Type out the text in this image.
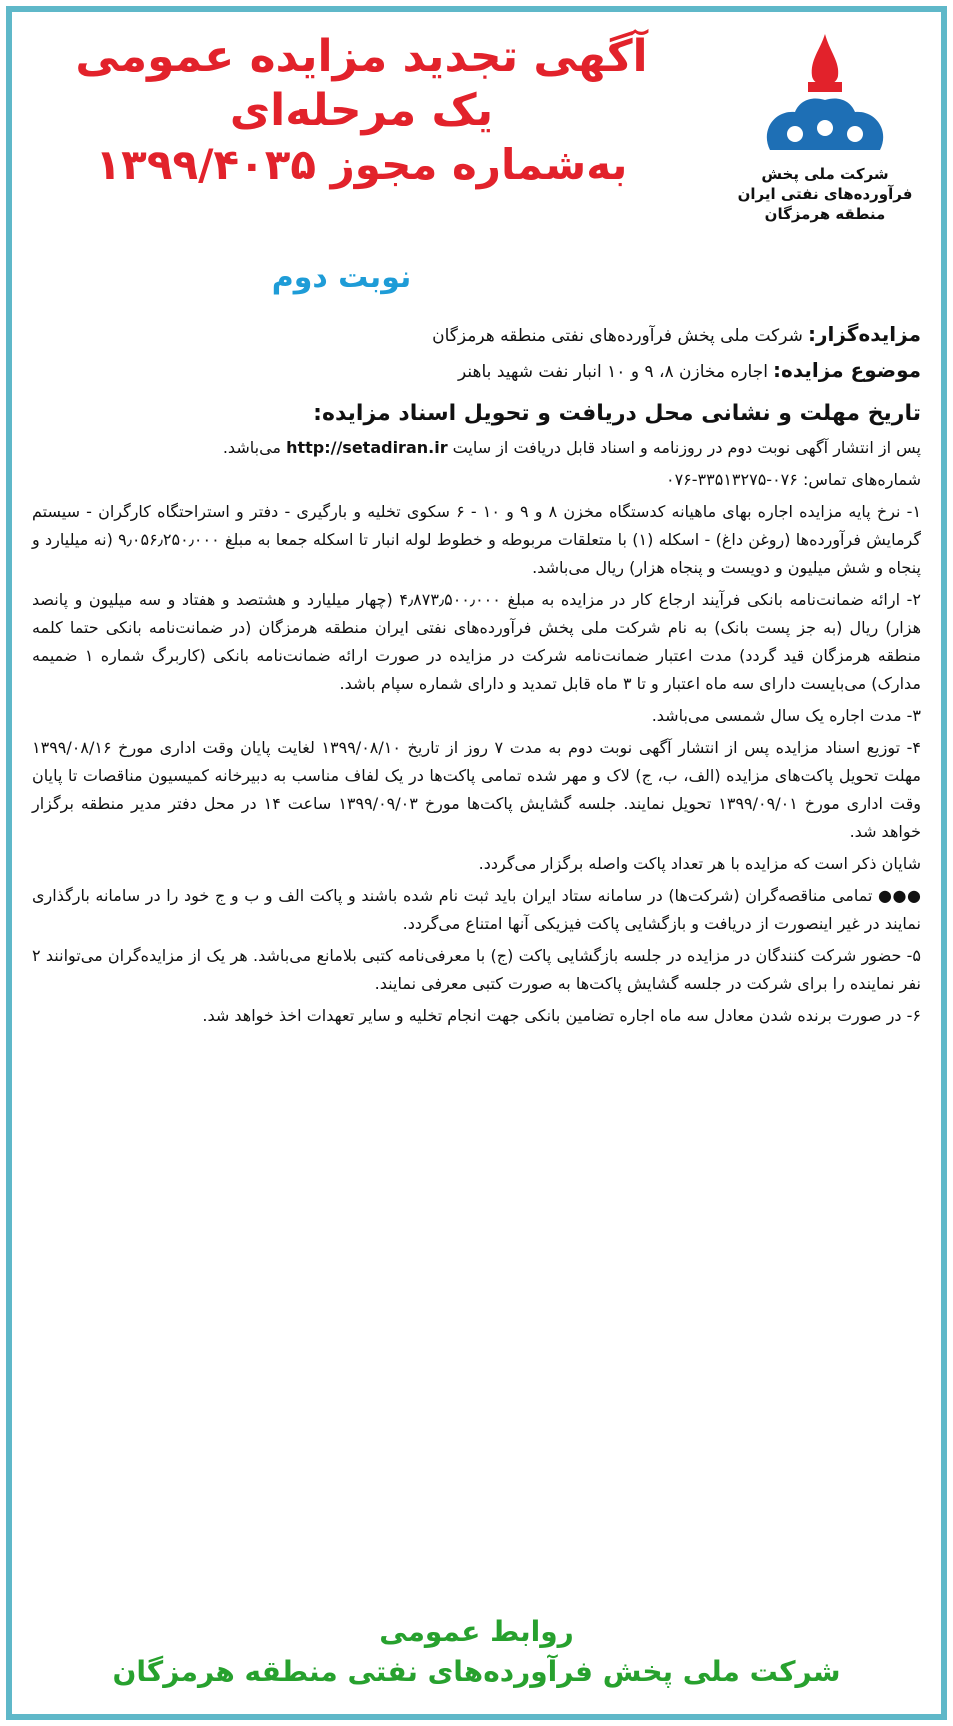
شرکت ملی پخش
فرآورده‌های نفتی ایران
منطقه هرمزگان
آگهی تجدید مزایده عمومی
یک مرحله‌ای
به‌شماره مجوز ۱۳۹۹/۴۰۳۵
نوبت دوم
مزایده‌گزار: شرکت ملی پخش فرآورده‌های نفتی منطقه هرمزگان
موضوع مزایده: اجاره مخازن ۸، ۹ و ۱۰ انبار نفت شهید باهنر
تاریخ مهلت و نشانی محل دریافت و تحویل اسناد مزایده:
پس از انتشار آگهی نوبت دوم در روزنامه و اسناد قابل دریافت از سایت http://setadiran.ir می‌باشد.
شماره‌های تماس: ۰۷۶-۳۳۵۱۳۲۷۵-۰۷۶
۱- نرخ پایه مزایده اجاره بهای ماهیانه کدستگاه مخزن ۸ و ۹ و ۱۰ - ۶ سکوی تخلیه و بارگیری - دفتر و استراحتگاه کارگران - سیستم گرمایش فرآورده‌ها (روغن داغ) - اسکله (۱) با متعلقات مربوطه و خطوط لوله انبار تا اسکله جمعا به مبلغ ۹٫۰۵۶٫۲۵۰٫۰۰۰ (نه میلیارد و پنجاه و شش میلیون و دویست و پنجاه هزار) ریال می‌باشد.
۲- ارائه ضمانت‌نامه بانکی فرآیند ارجاع کار در مزایده به مبلغ ۴٫۸۷۳٫۵۰۰٫۰۰۰ (چهار میلیارد و هشتصد و هفتاد و سه میلیون و پانصد هزار) ریال (به جز پست بانک) به نام شرکت ملی پخش فرآورده‌های نفتی ایران منطقه هرمزگان (در ضمانت‌نامه بانکی حتما کلمه منطقه هرمزگان قید گردد) مدت اعتبار ضمانت‌نامه شرکت در مزایده در صورت ارائه ضمانت‌نامه بانکی (کاربرگ شماره ۱ ضمیمه مدارک) می‌بایست دارای سه ماه اعتبار و تا ۳ ماه قابل تمدید و دارای شماره سپام باشد.
۳- مدت اجاره یک سال شمسی می‌باشد.
۴- توزیع اسناد مزایده پس از انتشار آگهی نوبت دوم به مدت ۷ روز از تاریخ ۱۳۹۹/۰۸/۱۰ لغایت پایان وقت اداری مورخ ۱۳۹۹/۰۸/۱۶ مهلت تحویل پاکت‌های مزایده (الف، ب، ج) لاک و مهر شده تمامی پاکت‌ها در یک لفاف مناسب به دبیرخانه کمیسیون مناقصات تا پایان وقت اداری مورخ ۱۳۹۹/۰۹/۰۱ تحویل نمایند. جلسه گشایش پاکت‌ها مورخ ۱۳۹۹/۰۹/۰۳ ساعت ۱۴ در محل دفتر مدیر منطقه برگزار خواهد شد.
شایان ذکر است که مزایده با هر تعداد پاکت واصله برگزار می‌گردد.
●●● تمامی مناقصه‌گران (شرکت‌ها) در سامانه ستاد ایران باید ثبت نام شده باشند و پاکت الف و ب و ج خود را در سامانه بارگذاری نمایند در غیر اینصورت از دریافت و بازگشایی پاکت فیزیکی آنها امتناع می‌گردد.
۵- حضور شرکت کنندگان در مزایده در جلسه بازگشایی پاکت (ج) با معرفی‌نامه کتبی بلامانع می‌باشد. هر یک از مزایده‌گران می‌توانند ۲ نفر نماینده را برای شرکت در جلسه گشایش پاکت‌ها به صورت کتبی معرفی نمایند.
۶- در صورت برنده شدن معادل سه ماه اجاره تضامین بانکی جهت انجام تخلیه و سایر تعهدات اخذ خواهد شد.
روابط عمومی
شرکت ملی پخش فرآورده‌های نفتی منطقه هرمزگان
